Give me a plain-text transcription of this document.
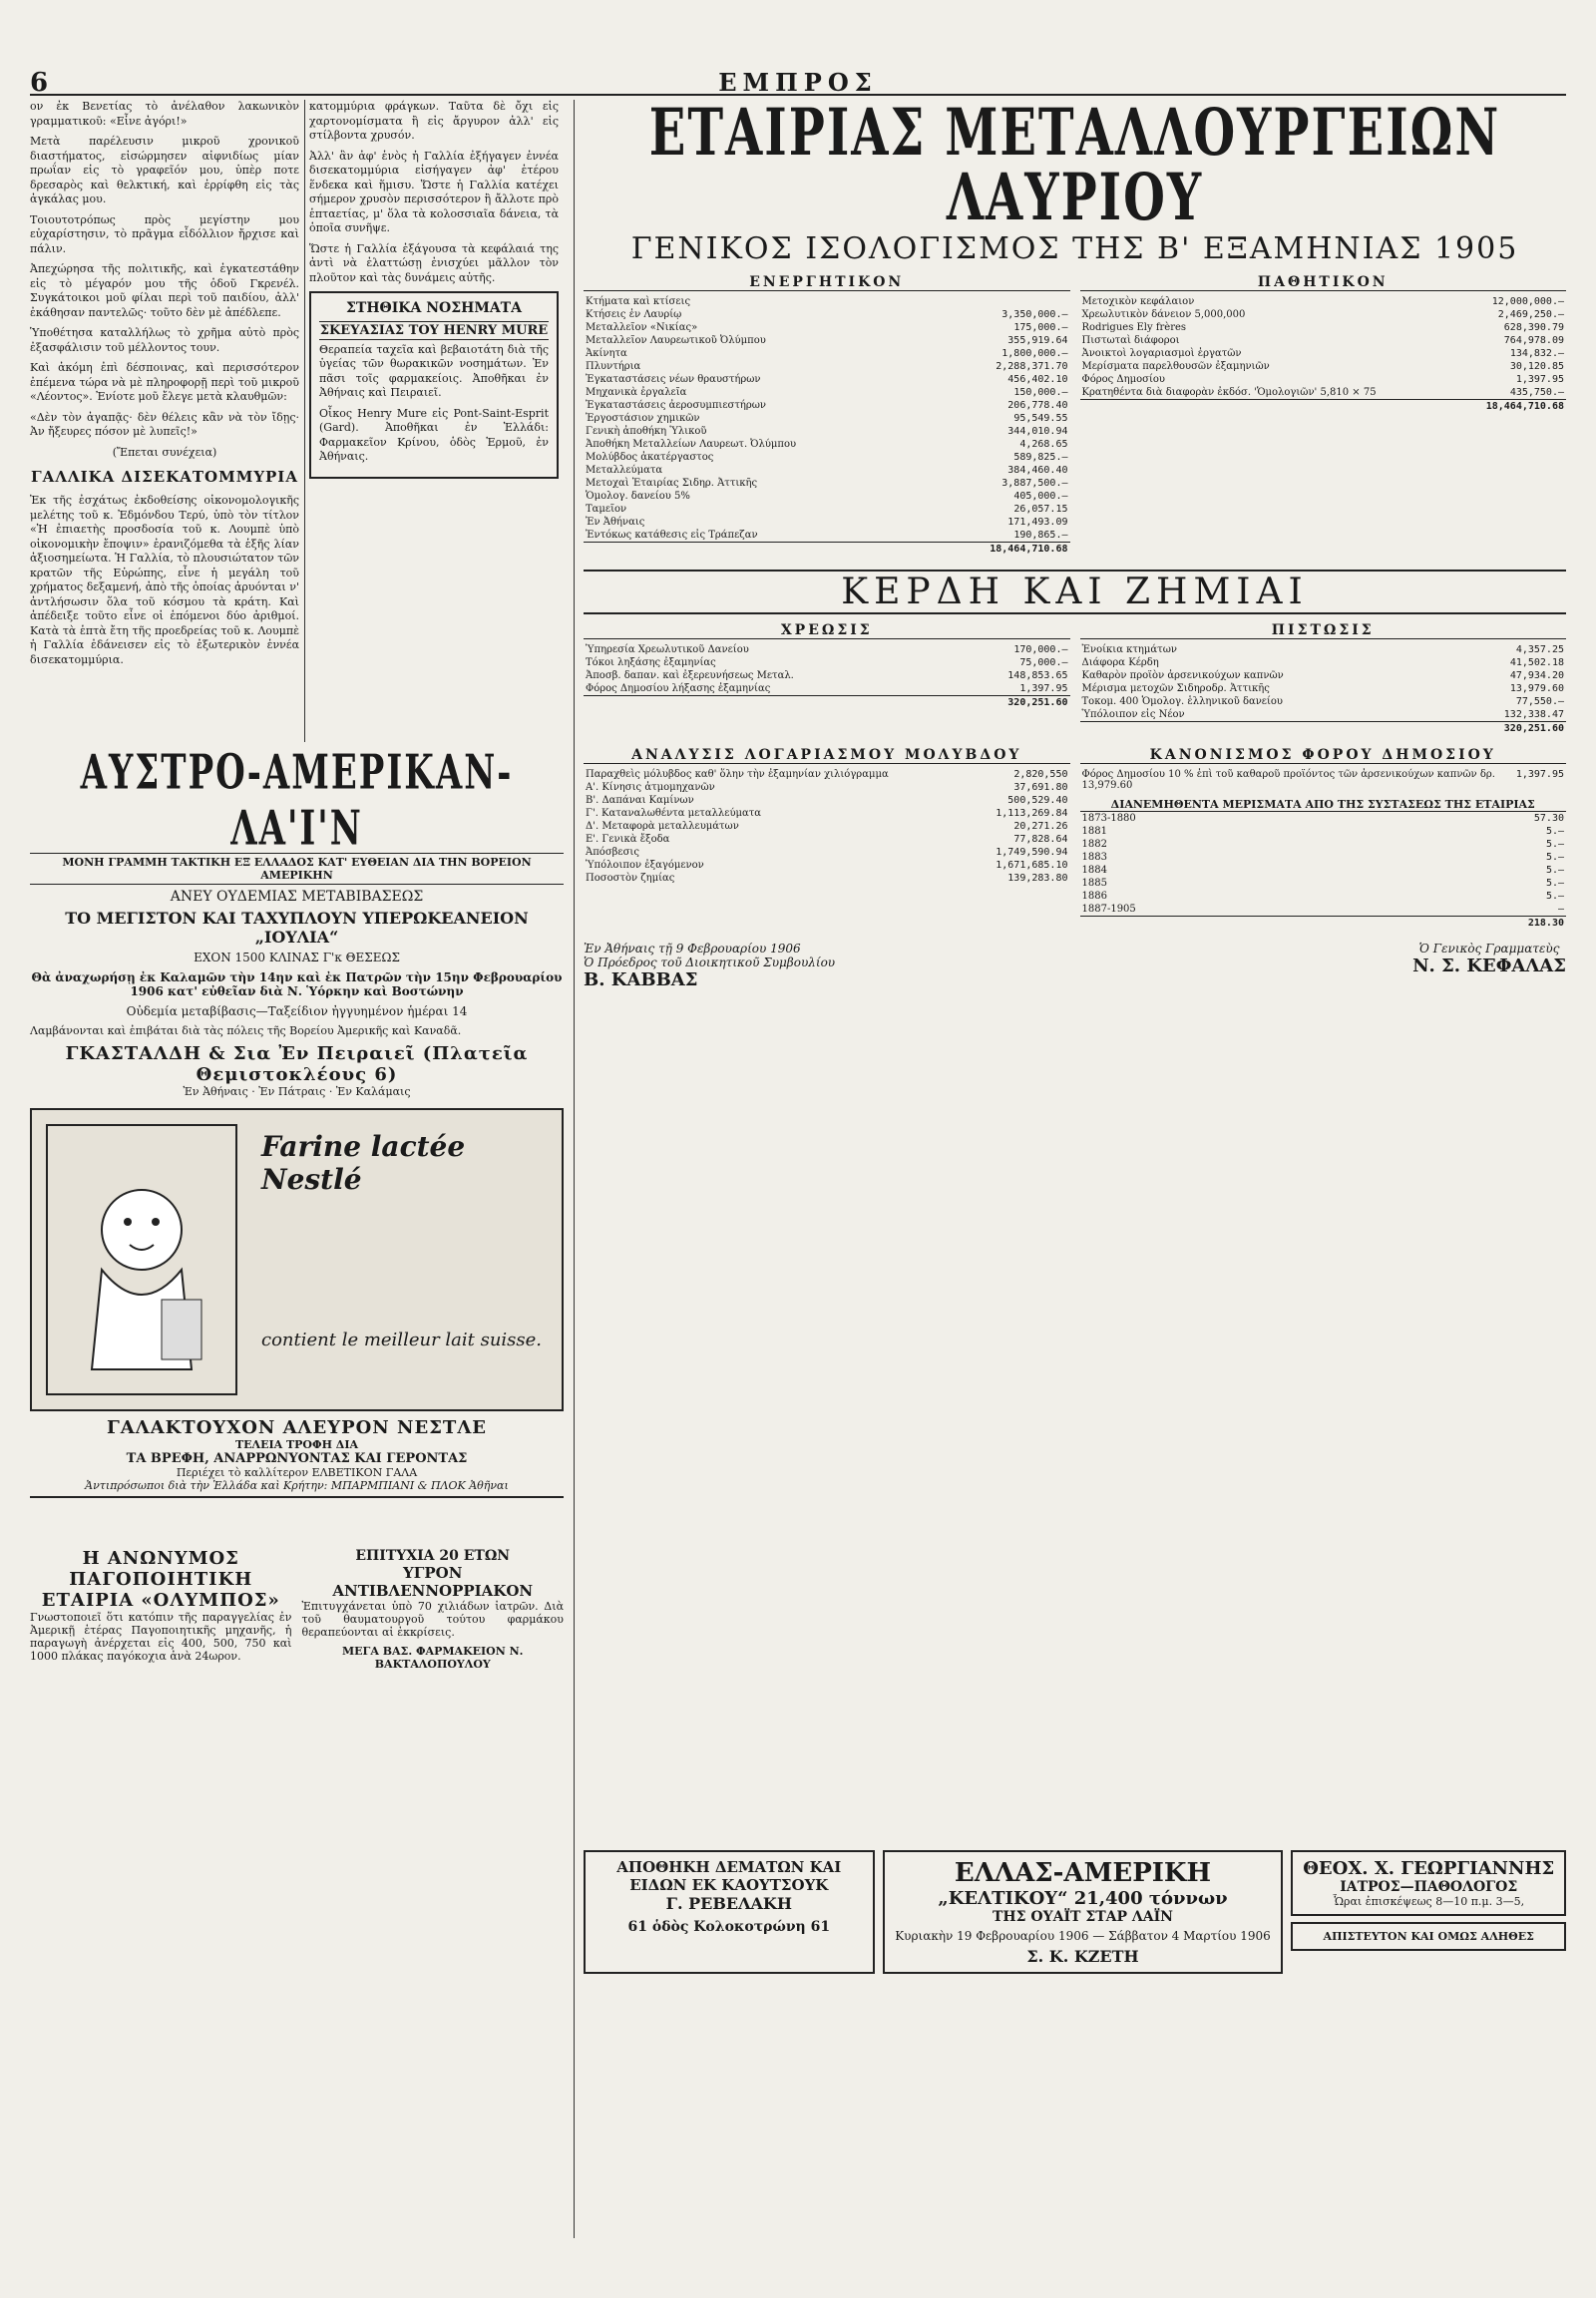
6	ΕΜΠΡΟΣ

ον ἐκ Βενετίας τὸ ἀνέλαθον λακωνικὸν γραμματικοῦ: «Εἶνε ἀγόρι!»

Μετὰ παρέλευσιν μικροῦ χρονικοῦ διαστήματος, εἰσώρμησεν αἰφνιδίως μίαν πρωΐαν εἰς τὸ γραφεῖόν μου, ὑπὲρ ποτε δρεσαρὸς καὶ θελκτική, καὶ ἐρρίφθη εἰς τὰς ἀγκάλας μου.

Τοιουτοτρόπως πρὸς μεγίστην μου εὐχαρίστησιν, τὸ πρᾶγμα εἶδόλλιον ἤρχισε καὶ πάλιν.

Ἀπεχώρησα τῆς πολιτικῆς, καὶ ἐγκατεστάθην εἰς τὸ μέγαρόν μου τῆς ὁδοῦ Γκρενέλ. Συγκάτοικοι μοῦ φίλαι περὶ τοῦ παιδίου, ἀλλ' ἐκάθησαν παντελῶς· τοῦτο δὲν μὲ ἀπέδλεπε.

Ὑποθέτησα καταλλήλως τὸ χρῆμα αὐτὸ πρὸς ἐξασφάλισιν τοῦ μέλλοντος τουν.

Καὶ ἀκόμη ἐπὶ δέσποινας, καὶ περισσότερον ἐπέμενα τώρα νὰ μὲ πληροφορῇ περὶ τοῦ μικροῦ «Λέοντος». Ἐνίοτε μοῦ ἔλεγε μετὰ κλαυθμῶν:

«Δὲν τὸν ἀγαπᾷς· δὲν θέλεις κἂν νὰ τὸν ἴδῃς· Ἀν ἤξευρες πόσον μὲ λυπεῖς!»

(Ἔπεται συνέχεια)

ΓΑΛΛΙΚΑ ΔΙΣΕΚΑΤΟΜΜΥΡΙΑ

Ἐκ τῆς ἐσχάτως ἐκδοθείσης οἰκονομολογικῆς μελέτης τοῦ κ. Ἐδμόνδου Τερύ, ὑπὸ τὸν τίτλον «Ἡ ἐπιαετὴς προσδοσία τοῦ κ. Λουμπὲ ὑπὸ οἰκονομικὴν ἔποψιν» ἐρανιζόμεθα τὰ ἑξῆς λίαν ἀξιοσημείωτα. Ἡ Γαλλία, τὸ πλουσιώτατον τῶν κρατῶν τῆς Εὐρώπης, εἶνε ἡ μεγάλη τοῦ χρήματος δεξαμενή, ἀπὸ τῆς ὁποίας ἀρυόνται ν' ἀντλήσωσιν ὅλα τοῦ κόσμου τὰ κράτη. Καὶ ἀπέδειξε τοῦτο εἶνε οἱ ἑπόμενοι δύο ἀριθμοί. Κατὰ τὰ ἑπτὰ ἔτη τῆς προεδρείας τοῦ κ. Λουμπὲ ἡ Γαλλία ἐδάνεισεν εἰς τὸ ἐξωτερικὸν ἐννέα δισεκατομμύρια.

κατομμύρια φράγκων. Ταῦτα δὲ ὄχι εἰς χαρτονομίσματα ἢ εἰς ἄργυρον ἀλλ' εἰς στίλβοντα χρυσόν.

Ἀλλ' ἂν ἀφ' ἑνὸς ἡ Γαλλία ἐξήγαγεν ἐννέα δισεκατομμύρια εἰσήγαγεν ἀφ' ἑτέρου ἕνδεκα καὶ ἥμισυ. Ὥστε ἡ Γαλλία κατέχει σήμερον χρυσὸν περισσότερον ἢ ἄλλοτε πρὸ ἑπταετίας, μ' ὅλα τὰ κολοσσιαῖα δάνεια, τὰ ὁποῖα συνῆψε.

Ὥστε ἡ Γαλλία ἐξάγουσα τὰ κεφάλαιά της ἀντὶ νὰ ἐλαττώσῃ ἐνισχύει μᾶλλον τὸν πλοῦτον καὶ τὰς δυνάμεις αὐτῆς.

ΣΤΗΘΙΚΑ ΝΟΣΗΜΑΤΑ
ΣΚΕΥΑΣΙΑΣ ΤΟΥ HENRY MURE

Θεραπεία ταχεῖα καὶ βεβαιοτάτη διὰ τῆς ὑγείας τῶν θωρακικῶν νοσημάτων. Ἐν πᾶσι τοῖς φαρμακείοις. Ἀποθῆκαι ἐν Ἀθήναις καὶ Πειραιεῖ.

Οἶκος Henry Mure εἰς Pont-Saint-Esprit (Gard). Ἀποθῆκαι ἐν Ἑλλάδι: Φαρμακεῖον Κρίνου, ὁδὸς Ἑρμοῦ, ἐν Ἀθήναις.

ΑΥΣΤΡΟ-ΑΜΕΡΙΚΑΝ-ΛΑ'Ι'Ν
ΜΟΝΗ ΓΡΑΜΜΗ ΤΑΚΤΙΚΗ ΕΞ ΕΛΛΑΔΟΣ ΚΑΤ' ΕΥΘΕΙΑΝ ΔΙΑ ΤΗΝ ΒΟΡΕΙΟΝ ΑΜΕΡΙΚΗΝ
ΑΝΕΥ ΟΥΔΕΜΙΑΣ ΜΕΤΑΒΙΒΑΣΕΩΣ
ΤΟ ΜΕΓΙΣΤΟΝ ΚΑΙ ΤΑΧΥΠΛΟΥΝ ΥΠΕΡΩΚΕΑΝΕΙΟΝ „ΙΟΥΛΙΑ“
ΕΧΟΝ 1500 ΚΛΙΝΑΣ Γ'κ ΘΕΣΕΩΣ
Θὰ ἀναχωρήσῃ ἐκ Καλαμῶν τὴν 14ην καὶ ἐκ Πατρῶν τὴν 15ην Φεβρουαρίου 1906 κατ' εὐθεῖαν διὰ Ν. Ὑόρκην καὶ Βοστώνην
Οὐδεμία μεταβίβασις—Ταξείδιον ἠγγυημένον ἡμέραι 14

Λαμβάνονται καὶ ἐπιβάται διὰ τὰς πόλεις τῆς Βορείου Ἀμερικῆς καὶ Καναδᾶ.

ΓΚΑΣΤΑΛΔΗ & Σια Ἐν Πειραιεῖ (Πλατεῖα Θεμιστοκλέους 6)
Ἐν Ἀθήναις · Ἐν Πάτραις · Ἐν Καλάμαις
Farine lactée Nestlé
contient le meilleur lait suisse.
ΓΑΛΑΚΤΟΥΧΟΝ ΑΛΕΥΡΟΝ ΝΕΣΤΛΕ
ΤΕΛΕΙΑ ΤΡΟΦΗ ΔΙΑ
ΤΑ ΒΡΕΦΗ, ΑΝΑΡΡΩΝΥΟΝΤΑΣ ΚΑΙ ΓΕΡΟΝΤΑΣ
Περιέχει τὸ καλλίτερον ΕΛΒΕΤΙΚΟΝ ΓΑΛΑ
Ἀντιπρόσωποι διὰ τὴν Ἑλλάδα καὶ Κρήτην: ΜΠΑΡΜΠΙΑΝΙ & ΠΛΟΚ Ἀθῆναι
Η ΑΝΩΝΥΜΟΣ ΠΑΓΟΠΟΙΗΤΙΚΗ ΕΤΑΙΡΙΑ «ΟΛΥΜΠΟΣ»

Γνωστοποιεῖ ὅτι κατόπιν τῆς παραγγελίας ἐν Ἀμερικῇ ἑτέρας Παγοποιητικῆς μηχανῆς, ἡ παραγωγὴ ἀνέρχεται εἰς 400, 500, 750 καὶ 1000 πλάκας παγόκοχια ἀνὰ 24ωρον.

ΕΠΙΤΥΧΙΑ 20 ΕΤΩΝ
ΥΓΡΟΝ ΑΝΤΙΒΛΕΝΝΟΡΡΙΑΚΟΝ

Ἐπιτυγχάνεται ὑπὸ 70 χιλιάδων ἰατρῶν. Διὰ τοῦ θαυματουργοῦ τούτου φαρμάκου θεραπεύονται αἱ ἐκκρίσεις.

ΜΕΓΑ ΒΑΣ. ΦΑΡΜΑΚΕΙΟΝ Ν. ΒΑΚΤΑΛΟΠΟΥΛΟΥ
ΕΤΑΙΡΙΑΣ ΜΕΤΑΛΛΟΥΡΓΕΙΩΝ ΛΑΥΡΙΟΥ
ΓΕΝΙΚΟΣ ΙΣΟΛΟΓΙΣΜΟΣ ΤΗΣ Β' ΕΞΑΜΗΝΙΑΣ 1905
ΕΝΕΡΓΗΤΙΚΟΝ
Κτήματα καὶ κτίσεις	
Κτήσεις ἐν Λαυρίῳ	3,350,000.—
Μεταλλεῖον «Νικίας»	175,000.—
Μεταλλεῖον Λαυρεωτικοῦ Ὀλύμπου	355,919.64
Ἀκίνητα	1,800,000.—
Πλυντήρια	2,288,371.70
Ἐγκαταστάσεις νέων θραυστήρων	456,402.10
Μηχανικὰ ἐργαλεῖα	150,000.—
Ἐγκαταστάσεις ἀεροσυμπιεστήρων	206,778.40
Ἐργοστάσιον χημικῶν	95,549.55
Γενικὴ ἀποθήκη Ὑλικοῦ	344,010.94
Ἀποθήκη Μεταλλείων Λαυρεωτ. Ὀλύμπου	4,268.65
Μολύβδος ἀκατέργαστος	589,825.—
Μεταλλεύματα	384,460.40
Μετοχαὶ Ἑταιρίας Σιδηρ. Ἀττικῆς	3,887,500.—
Ὁμολογ. δανείου 5%	405,000.—
Ταμεῖον	26,057.15
Ἐν Ἀθήναις	171,493.09
Ἐντόκως κατάθεσις εἰς Τράπεζαν	190,865.—
	18,464,710.68
ΠΑΘΗΤΙΚΟΝ
Μετοχικὸν κεφάλαιον	12,000,000.—
Χρεωλυτικὸν δάνειον 5,000,000	2,469,250.—
Rodrigues Ely frères	628,390.79
Πιστωταὶ διάφοροι	764,978.09
Ἀνοικτοὶ λογαριασμοὶ ἐργατῶν	134,832.—
Μερίσματα παρελθουσῶν ἐξαμηνιῶν	30,120.85
Φόρος Δημοσίου	1,397.95
Κρατηθέντα διὰ διαφορὰν ἐκδόσ. 'Ὁμολογιῶν' 5,810 × 75	435,750.—
	18,464,710.68
ΚΕΡΔΗ ΚΑΙ ΖΗΜΙΑΙ
ΧΡΕΩΣΙΣ
Ὑπηρεσία Χρεωλυτικοῦ Δανείου	170,000.—
Τόκοι ληξάσης ἐξαμηνίας	75,000.—
Ἀποσβ. δαπαν. καὶ ἐξερευνήσεως Μεταλ.	148,853.65
Φόρος Δημοσίου λήξασης ἐξαμηνίας	1,397.95
	320,251.60
ΠΙΣΤΩΣΙΣ
Ἐνοίκια κτημάτων	4,357.25
Διάφορα Κέρδη	41,502.18
Καθαρὸν προϊὸν ἀρσενικούχων καπνῶν	47,934.20
Μέρισμα μετοχῶν Σιδηροδρ. Ἀττικῆς	13,979.60
Τοκομ. 400 Ὁμολογ. ἑλληνικοῦ δανείου	77,550.—
Ὑπόλοιπον εἰς Νέον	132,338.47
	320,251.60
ΑΝΑΛΥΣΙΣ ΛΟΓΑΡΙΑΣΜΟΥ ΜΟΛΥΒΔΟΥ
Παραχθεὶς μόλυβδος καθ' ὅλην τὴν ἐξαμηνίαν χιλιόγραμμα	2,820,550
Α'. Κίνησις ἀτμομηχανῶν	37,691.80
Β'. Δαπάναι Καμίνων	500,529.40
Γ'. Καταναλωθέντα μεταλλεύματα	1,113,269.84
Δ'. Μεταφορὰ μεταλλευμάτων	20,271.26
Ε'. Γενικὰ ἔξοδα	77,828.64
Ἀπόσβεσις	1,749,590.94
Ὑπόλοιπον ἐξαγόμενον	1,671,685.10
Ποσοστὸν ζημίας	139,283.80
ΚΑΝΟΝΙΣΜΟΣ ΦΟΡΟΥ ΔΗΜΟΣΙΟΥ
Φόρος Δημοσίου 10 % ἐπὶ τοῦ καθαροῦ προϊόντος τῶν ἀρσενικούχων καπνῶν δρ. 13,979.60	1,397.95
ΔΙΑΝΕΜΗΘΕΝΤΑ ΜΕΡΙΣΜΑΤΑ ΑΠΟ ΤΗΣ ΣΥΣΤΑΣΕΩΣ ΤΗΣ ΕΤΑΙΡΙΑΣ
1873-1880	57.30
1881	5.—
1882	5.—
1883	5.—
1884	5.—
1885	5.—
1886	5.—
1887-1905	—
	218.30
Ἐν Ἀθήναις τῇ 9 Φεβρουαρίου 1906
Ὁ Πρόεδρος τοῦ Διοικητικοῦ Συμβουλίου
Β. ΚΑΒΒΑΣ
Ὁ Γενικὸς Γραμματεὺς
Ν. Σ. ΚΕΦΑΛΑΣ
ΑΠΟΘΗΚΗ ΔΕΜΑΤΩΝ ΚΑΙ ΕΙΔΩΝ ΕΚ ΚΑΟΥΤΣΟΥΚ
Γ. ΡΕΒΕΛΑΚΗ
61 ὁδὸς Κολοκοτρώνη 61
ΕΛΛΑΣ-ΑΜΕΡΙΚΗ
„ΚΕΛΤΙΚΟΥ“ 21,400 τόννων
ΤΗΣ ΟΥΑΪΤ ΣΤΑΡ ΛΑΪΝ
Κυριακὴν 19 Φεβρουαρίου 1906 — Σάββατον 4 Μαρτίου 1906
Σ. Κ. ΚΖΕΤΗ
ΘΕΟΧ. Χ. ΓΕΩΡΓΙΑΝΝΗΣ
ΙΑΤΡΟΣ—ΠΑΘΟΛΟΓΟΣ
Ὧραι ἐπισκέψεως 8—10 π.μ. 3—5,
ΑΠΙΣΤΕΥΤΟΝ ΚΑΙ ΟΜΩΣ ΑΛΗΘΕΣ
